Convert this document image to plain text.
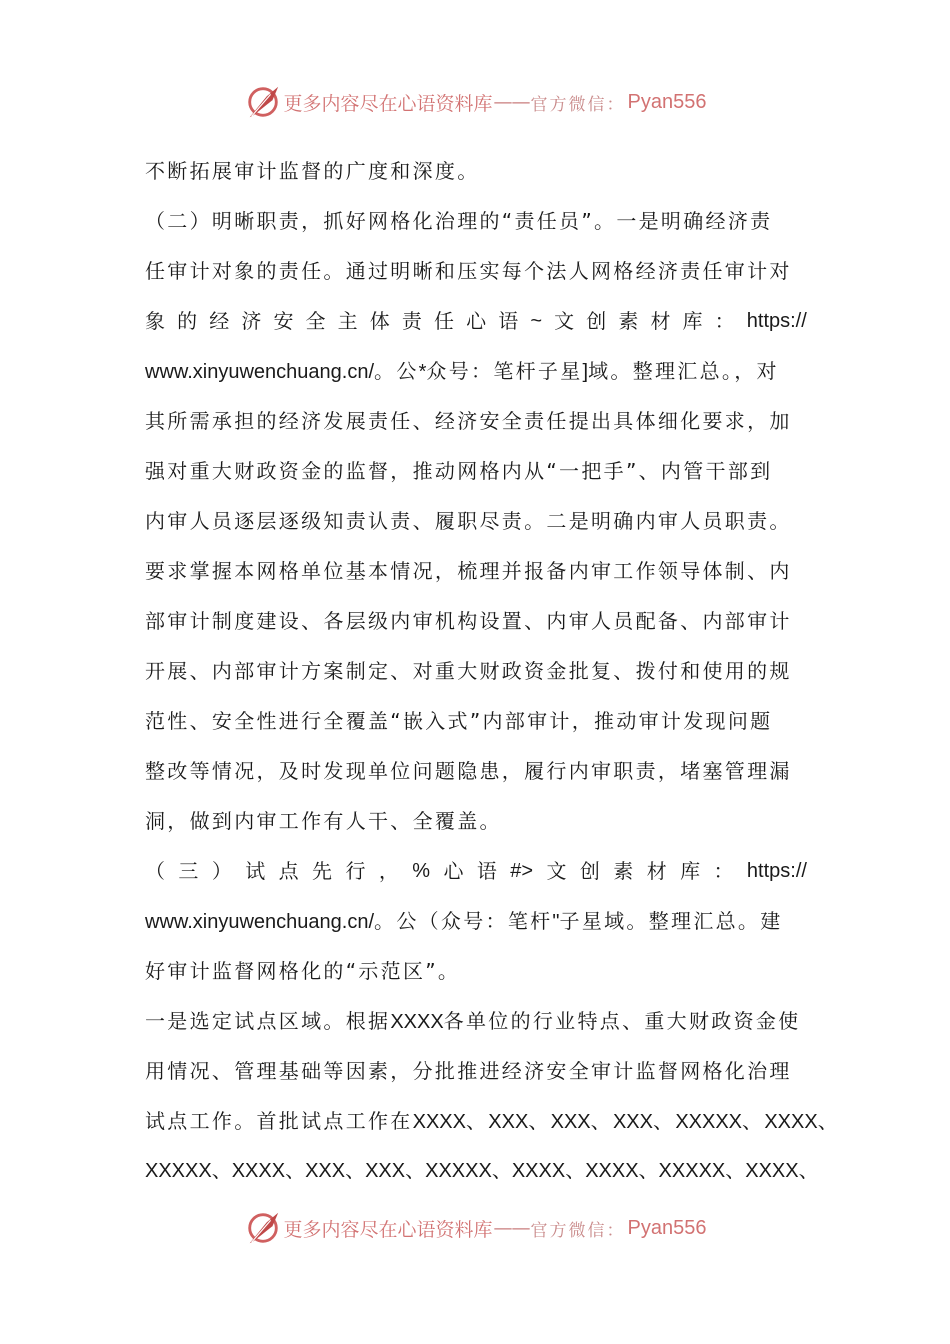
更多内容尽在心语资料库 —— 官方微信： Pyan556
不断拓展审计监督的广度和深度。
（二）明晰职责，抓好网格化治理的“责任员”。一是明确经济责
任审计对象的责任。通过明晰和压实每个法人网格经济责任审计对
象 的 经 济 安 全 主 体 责 任 心 语 ~ 文 创 素 材 库 ： https://
www.xinyuwenchuang.cn/。公*众号：笔杆子星]域。整理汇总。，对
其所需承担的经济发展责任、经济安全责任提出具体细化要求，加
强对重大财政资金的监督，推动网格内从“一把手”、内管干部到
内审人员逐层逐级知责认责、履职尽责。二是明确内审人员职责。
要求掌握本网格单位基本情况，梳理并报备内审工作领导体制、内
部审计制度建设、各层级内审机构设置、内审人员配备、内部审计
开展、内部审计方案制定、对重大财政资金批复、拨付和使用的规
范性、安全性进行全覆盖“嵌入式”内部审计，推动审计发现问题
整改等情况，及时发现单位问题隐患，履行内审职责，堵塞管理漏
洞，做到内审工作有人干、全覆盖。
（ 三 ） 试 点 先 行 ， % 心 语 #> 文 创 素 材 库 ： https://
www.xinyuwenchuang.cn/。公（众号：笔杆"子星域。整理汇总。建
好审计监督网格化的“示范区”。
一是选定试点区域。根据XXXX各单位的行业特点、重大财政资金使
用情况、管理基础等因素，分批推进经济安全审计监督网格化治理
试点工作。首批试点工作在XXXX、XXX、XXX、XXX、XXXXX、XXXX、
XXXXX、 XXXX、 XXX、 XXX、 XXXXX、 XXXX、 XXXX、 XXXXX、 XXXX、
更多内容尽在心语资料库 —— 官方微信： Pyan556
